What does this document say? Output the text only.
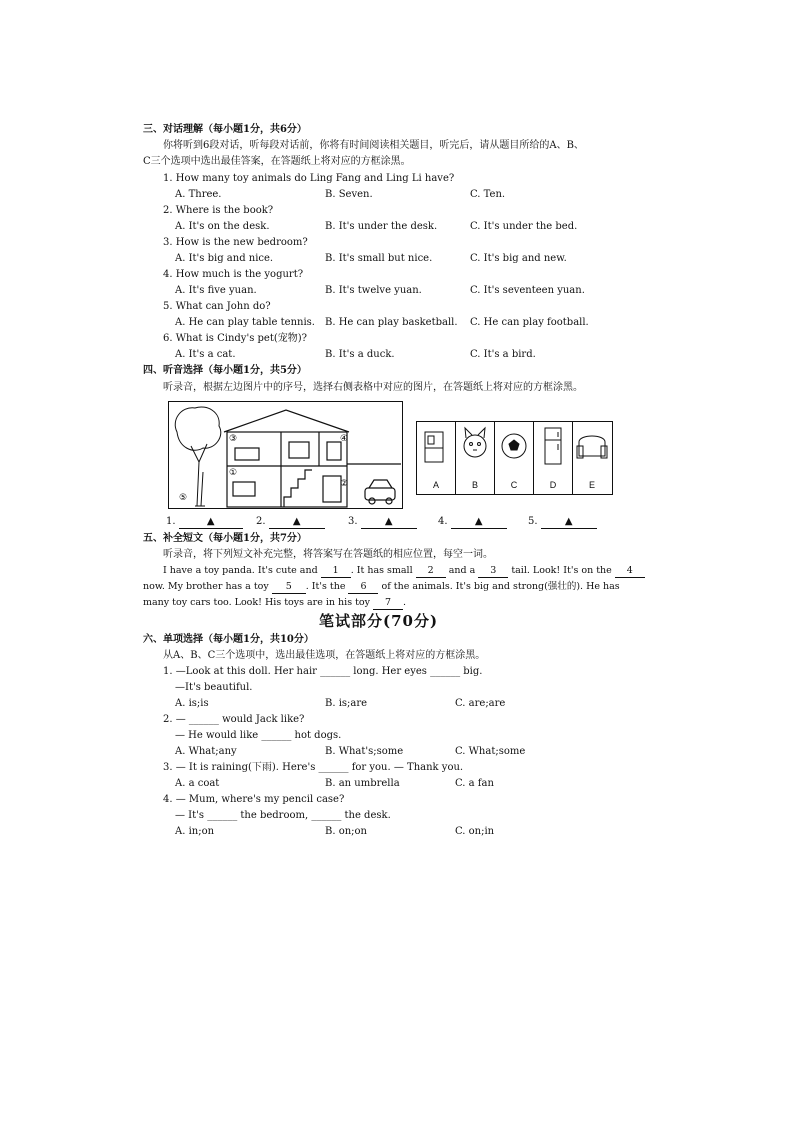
三、对话理解（每小题1分，共6分）
你将听到6段对话，听每段对话前，你将有时间阅读相关题目，听完后，请从题目所给的A、B、
C三个选项中选出最佳答案，在答题纸上将对应的方框涂黑。
1. How many toy animals do Ling Fang and Ling Li have?
A. Three.	B. Seven.	C. Ten.
2. Where is the book?
A. It's on the desk.	B. It's under the desk.	C. It's under the bed.
3. How is the new bedroom?
A. It's big and nice.	B. It's small but nice.	C. It's big and new.
4. How much is the yogurt?
A. It's five yuan.	B. It's twelve yuan.	C. It's seventeen yuan.
5. What can John do?
A. He can play table tennis. B. He can play basketball. C. He can play football.
6. What is Cindy's pet(宠物)?
A. It's a cat.	B. It's a duck.	C. It's a bird.
四、听音选择（每小题1分，共5分）
听录音，根据左边图片中的序号，选择右侧表格中对应的图片，在答题纸上将对应的方框涂黑。
③	④
①
②
⑤
A	B	C	D	E
1.	▲	2.	▲	3.	▲	4.	▲	5.	▲
五、补全短文（每小题1分，共7分）
听录音，将下列短文补充完整，将答案写在答题纸的相应位置，每空一词。
I have a toy panda. It's cute and 1 . It has small 2 and a 3 tail. Look! It's on the 4
now. My brother has a toy 5 . It's the 6 of the animals. It's big and strong(强壮的). He has
many toy cars too. Look! His toys are in his toy 7 .
笔试部分(70分)
六、单项选择（每小题1分，共10分）
从A、B、C三个选项中，选出最佳选项，在答题纸上将对应的方框涂黑。
1. —Look at this doll. Her hair ______ long. Her eyes ______ big.
—It's beautiful.
A. is;is	B. is;are	C. are;are
2. — ______ would Jack like?
— He would like ______ hot dogs.
A. What;any	B. What's;some	C. What;some
3. — It is raining(下雨). Here's ______ for you. — Thank you.
A. a coat	B. an umbrella	C. a fan
4. — Mum, where's my pencil case?
— It's ______ the bedroom, ______ the desk.
A. in;on	B. on;on	C. on;in
